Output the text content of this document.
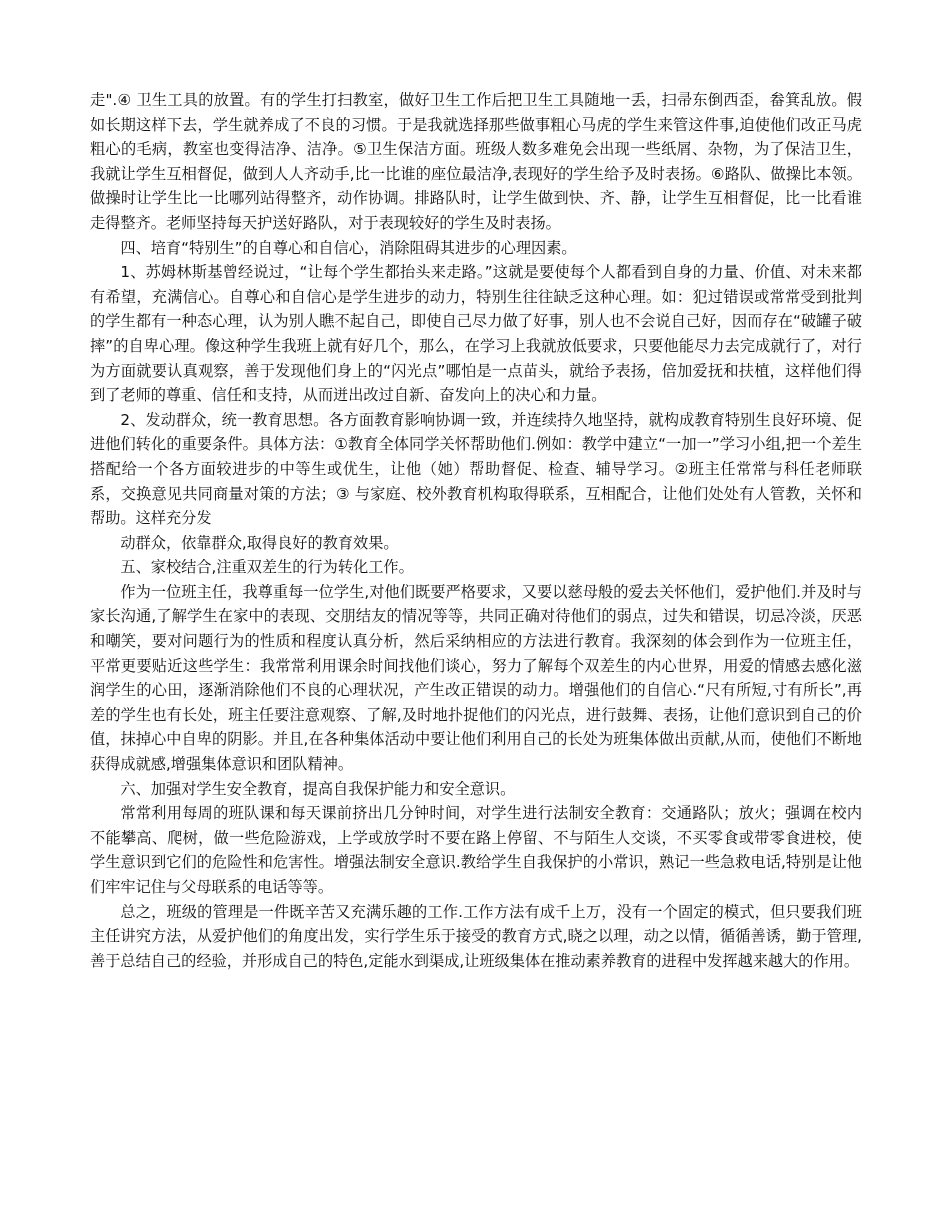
走".④ 卫生工具的放置。有的学生打扫教室，做好卫生工作后把卫生工具随地一丢，扫帚东倒西歪，畚箕乱放。假如长期这样下去，学生就养成了不良的习惯。于是我就选择那些做事粗心马虎的学生来管这件事,迫使他们改正马虎粗心的毛病，教室也变得洁净、洁净。⑤卫生保洁方面。班级人数多难免会出现一些纸屑、杂物，为了保洁卫生，我就让学生互相督促，做到人人齐动手,比一比谁的座位最洁净,表现好的学生给予及时表扬。⑥路队、做操比本领。做操时让学生比一比哪列站得整齐，动作协调。排路队时，让学生做到快、齐、静，让学生互相督促，比一比看谁走得整齐。老师坚持每天护送好路队，对于表现较好的学生及时表扬。

四、培育“特别生”的自尊心和自信心，消除阻碍其进步的心理因素。

1、苏姆林斯基曾经说过，“让每个学生都抬头来走路。”这就是要使每个人都看到自身的力量、价值、对未来都有希望，充满信心。自尊心和自信心是学生进步的动力，特别生往往缺乏这种心理。如：犯过错误或常常受到批判的学生都有一种态心理，认为别人瞧不起自己，即使自己尽力做了好事，别人也不会说自己好，因而存在“破罐子破摔”的自卑心理。像这种学生我班上就有好几个，那么，在学习上我就放低要求，只要他能尽力去完成就行了，对行为方面就要认真观察，善于发现他们身上的“闪光点”哪怕是一点苗头，就给予表扬，倍加爱抚和扶植，这样他们得到了老师的尊重、信任和支持，从而迸出改过自新、奋发向上的决心和力量。

2、发动群众，统一教育思想。各方面教育影响协调一致，并连续持久地坚持，就构成教育特别生良好环境、促进他们转化的重要条件。具体方法：①教育全体同学关怀帮助他们.例如：教学中建立“一加一”学习小组,把一个差生搭配给一个各方面较进步的中等生或优生，让他（她）帮助督促、检查、辅导学习。②班主任常常与科任老师联系，交换意见共同商量对策的方法；③ 与家庭、校外教育机构取得联系，互相配合，让他们处处有人管教，关怀和帮助。这样充分发

动群众，依靠群众,取得良好的教育效果。

五、家校结合,注重双差生的行为转化工作。

作为一位班主任，我尊重每一位学生,对他们既要严格要求，又要以慈母般的爱去关怀他们，爱护他们.并及时与家长沟通,了解学生在家中的表现、交朋结友的情况等等，共同正确对待他们的弱点，过失和错误，切忌冷淡，厌恶和嘲笑，要对问题行为的性质和程度认真分析，然后采纳相应的方法进行教育。我深刻的体会到作为一位班主任，平常更要贴近这些学生：我常常利用课余时间找他们谈心，努力了解每个双差生的内心世界，用爱的情感去感化滋润学生的心田，逐渐消除他们不良的心理状况，产生改正错误的动力。增强他们的自信心.“尺有所短,寸有所长”,再差的学生也有长处，班主任要注意观察、了解,及时地扑捉他们的闪光点，进行鼓舞、表扬，让他们意识到自己的价值，抹掉心中自卑的阴影。并且,在各种集体活动中要让他们利用自己的长处为班集体做出贡献,从而，使他们不断地获得成就感,增强集体意识和团队精神。

六、加强对学生安全教育，提高自我保护能力和安全意识。

常常利用每周的班队课和每天课前挤出几分钟时间，对学生进行法制安全教育：交通路队；放火；强调在校内不能攀高、爬树，做一些危险游戏，上学或放学时不要在路上停留、不与陌生人交谈，不买零食或带零食进校，使学生意识到它们的危险性和危害性。增强法制安全意识.教给学生自我保护的小常识，熟记一些急救电话,特别是让他们牢牢记住与父母联系的电话等等。

总之，班级的管理是一件既辛苦又充满乐趣的工作.工作方法有成千上万，没有一个固定的模式，但只要我们班主任讲究方法，从爱护他们的角度出发，实行学生乐于接受的教育方式,晓之以理，动之以情，循循善诱，勤于管理,善于总结自己的经验，并形成自己的特色,定能水到渠成,让班级集体在推动素养教育的进程中发挥越来越大的作用。
